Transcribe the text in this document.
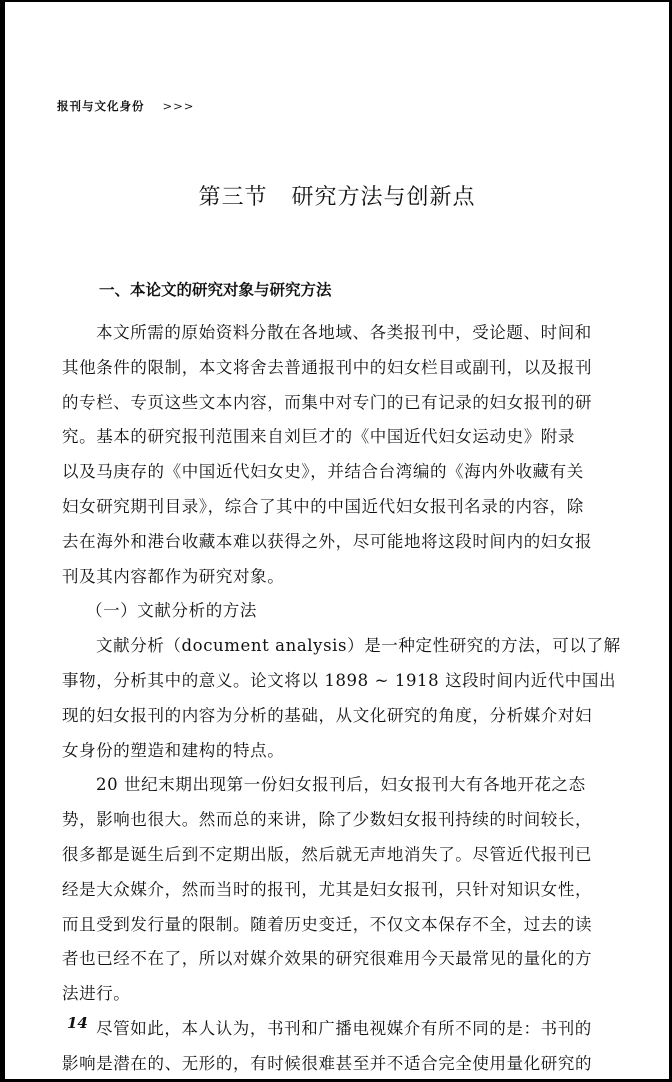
报刊与文化身份 >>>
第三节 研究方法与创新点
一、本论文的研究对象与研究方法
本文所需的原始资料分散在各地域、各类报刊中，受论题、时间和
其他条件的限制，本文将舍去普通报刊中的妇女栏目或副刊，以及报刊
的专栏、专页这些文本内容，而集中对专门的已有记录的妇女报刊的研
究。基本的研究报刊范围来自刘巨才的《中国近代妇女运动史》附录
以及马庚存的《中国近代妇女史》，并结合台湾编的《海内外收藏有关
妇女研究期刊目录》，综合了其中的中国近代妇女报刊名录的内容，除
去在海外和港台收藏本难以获得之外，尽可能地将这段时间内的妇女报
刊及其内容都作为研究对象。
（一）文献分析的方法
文献分析（document analysis）是一种定性研究的方法，可以了解
事物，分析其中的意义。论文将以 1898 ~ 1918 这段时间内近代中国出
现的妇女报刊的内容为分析的基础，从文化研究的角度，分析媒介对妇
女身份的塑造和建构的特点。
20 世纪末期出现第一份妇女报刊后，妇女报刊大有各地开花之态
势，影响也很大。然而总的来讲，除了少数妇女报刊持续的时间较长，
很多都是诞生后到不定期出版，然后就无声地消失了。尽管近代报刊已
经是大众媒介，然而当时的报刊，尤其是妇女报刊，只针对知识女性，
而且受到发行量的限制。随着历史变迁，不仅文本保存不全，过去的读
者也已经不在了，所以对媒介效果的研究很难用今天最常见的量化的方
法进行。
尽管如此，本人认为，书刊和广播电视媒介有所不同的是：书刊的
影响是潜在的、无形的，有时候很难甚至并不适合完全使用量化研究的
14
